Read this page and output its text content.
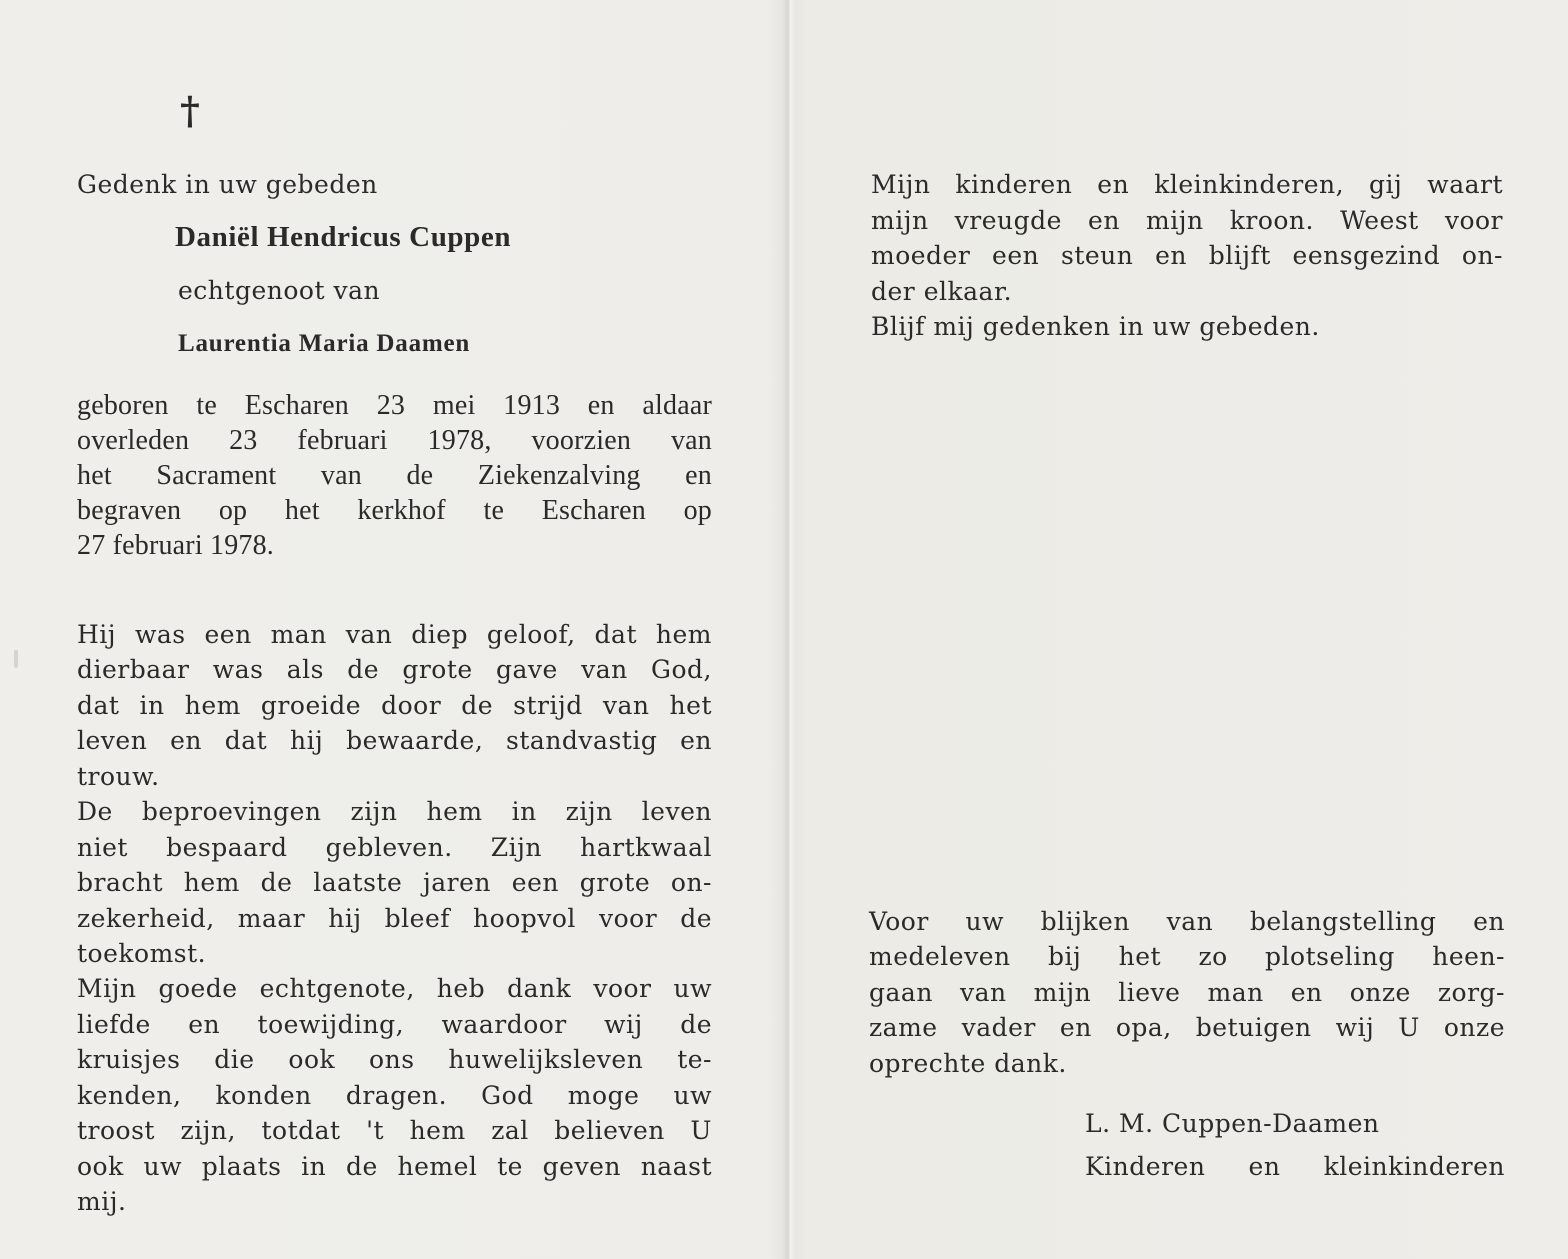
†
Gedenk in uw gebeden
Daniël Hendricus Cuppen
echtgenoot van
Laurentia Maria Daamen
geboren te Escharen 23 mei 1913 en aldaar
overleden 23 februari 1978, voorzien van
het Sacrament van de Ziekenzalving en
begraven op het kerkhof te Escharen op
27 februari 1978.
Hij was een man van diep geloof, dat hem
dierbaar was als de grote gave van God,
dat in hem groeide door de strijd van het
leven en dat hij bewaarde, standvastig en
trouw.
De beproevingen zijn hem in zijn leven
niet bespaard gebleven. Zijn hartkwaal
bracht hem de laatste jaren een grote on-
zekerheid, maar hij bleef hoopvol voor de
toekomst.
Mijn goede echtgenote, heb dank voor uw
liefde en toewijding, waardoor wij de
kruisjes die ook ons huwelijksleven te-
kenden, konden dragen. God moge uw
troost zijn, totdat 't hem zal believen U
ook uw plaats in de hemel te geven naast
mij.
Mijn kinderen en kleinkinderen, gij waart
mijn vreugde en mijn kroon. Weest voor
moeder een steun en blijft eensgezind on-
der elkaar.
Blijf mij gedenken in uw gebeden.
Voor uw blijken van belangstelling en
medeleven bij het zo plotseling heen-
gaan van mijn lieve man en onze zorg-
zame vader en opa, betuigen wij U onze
oprechte dank.
L. M. Cuppen-Daamen
Kinderen en kleinkinderen
